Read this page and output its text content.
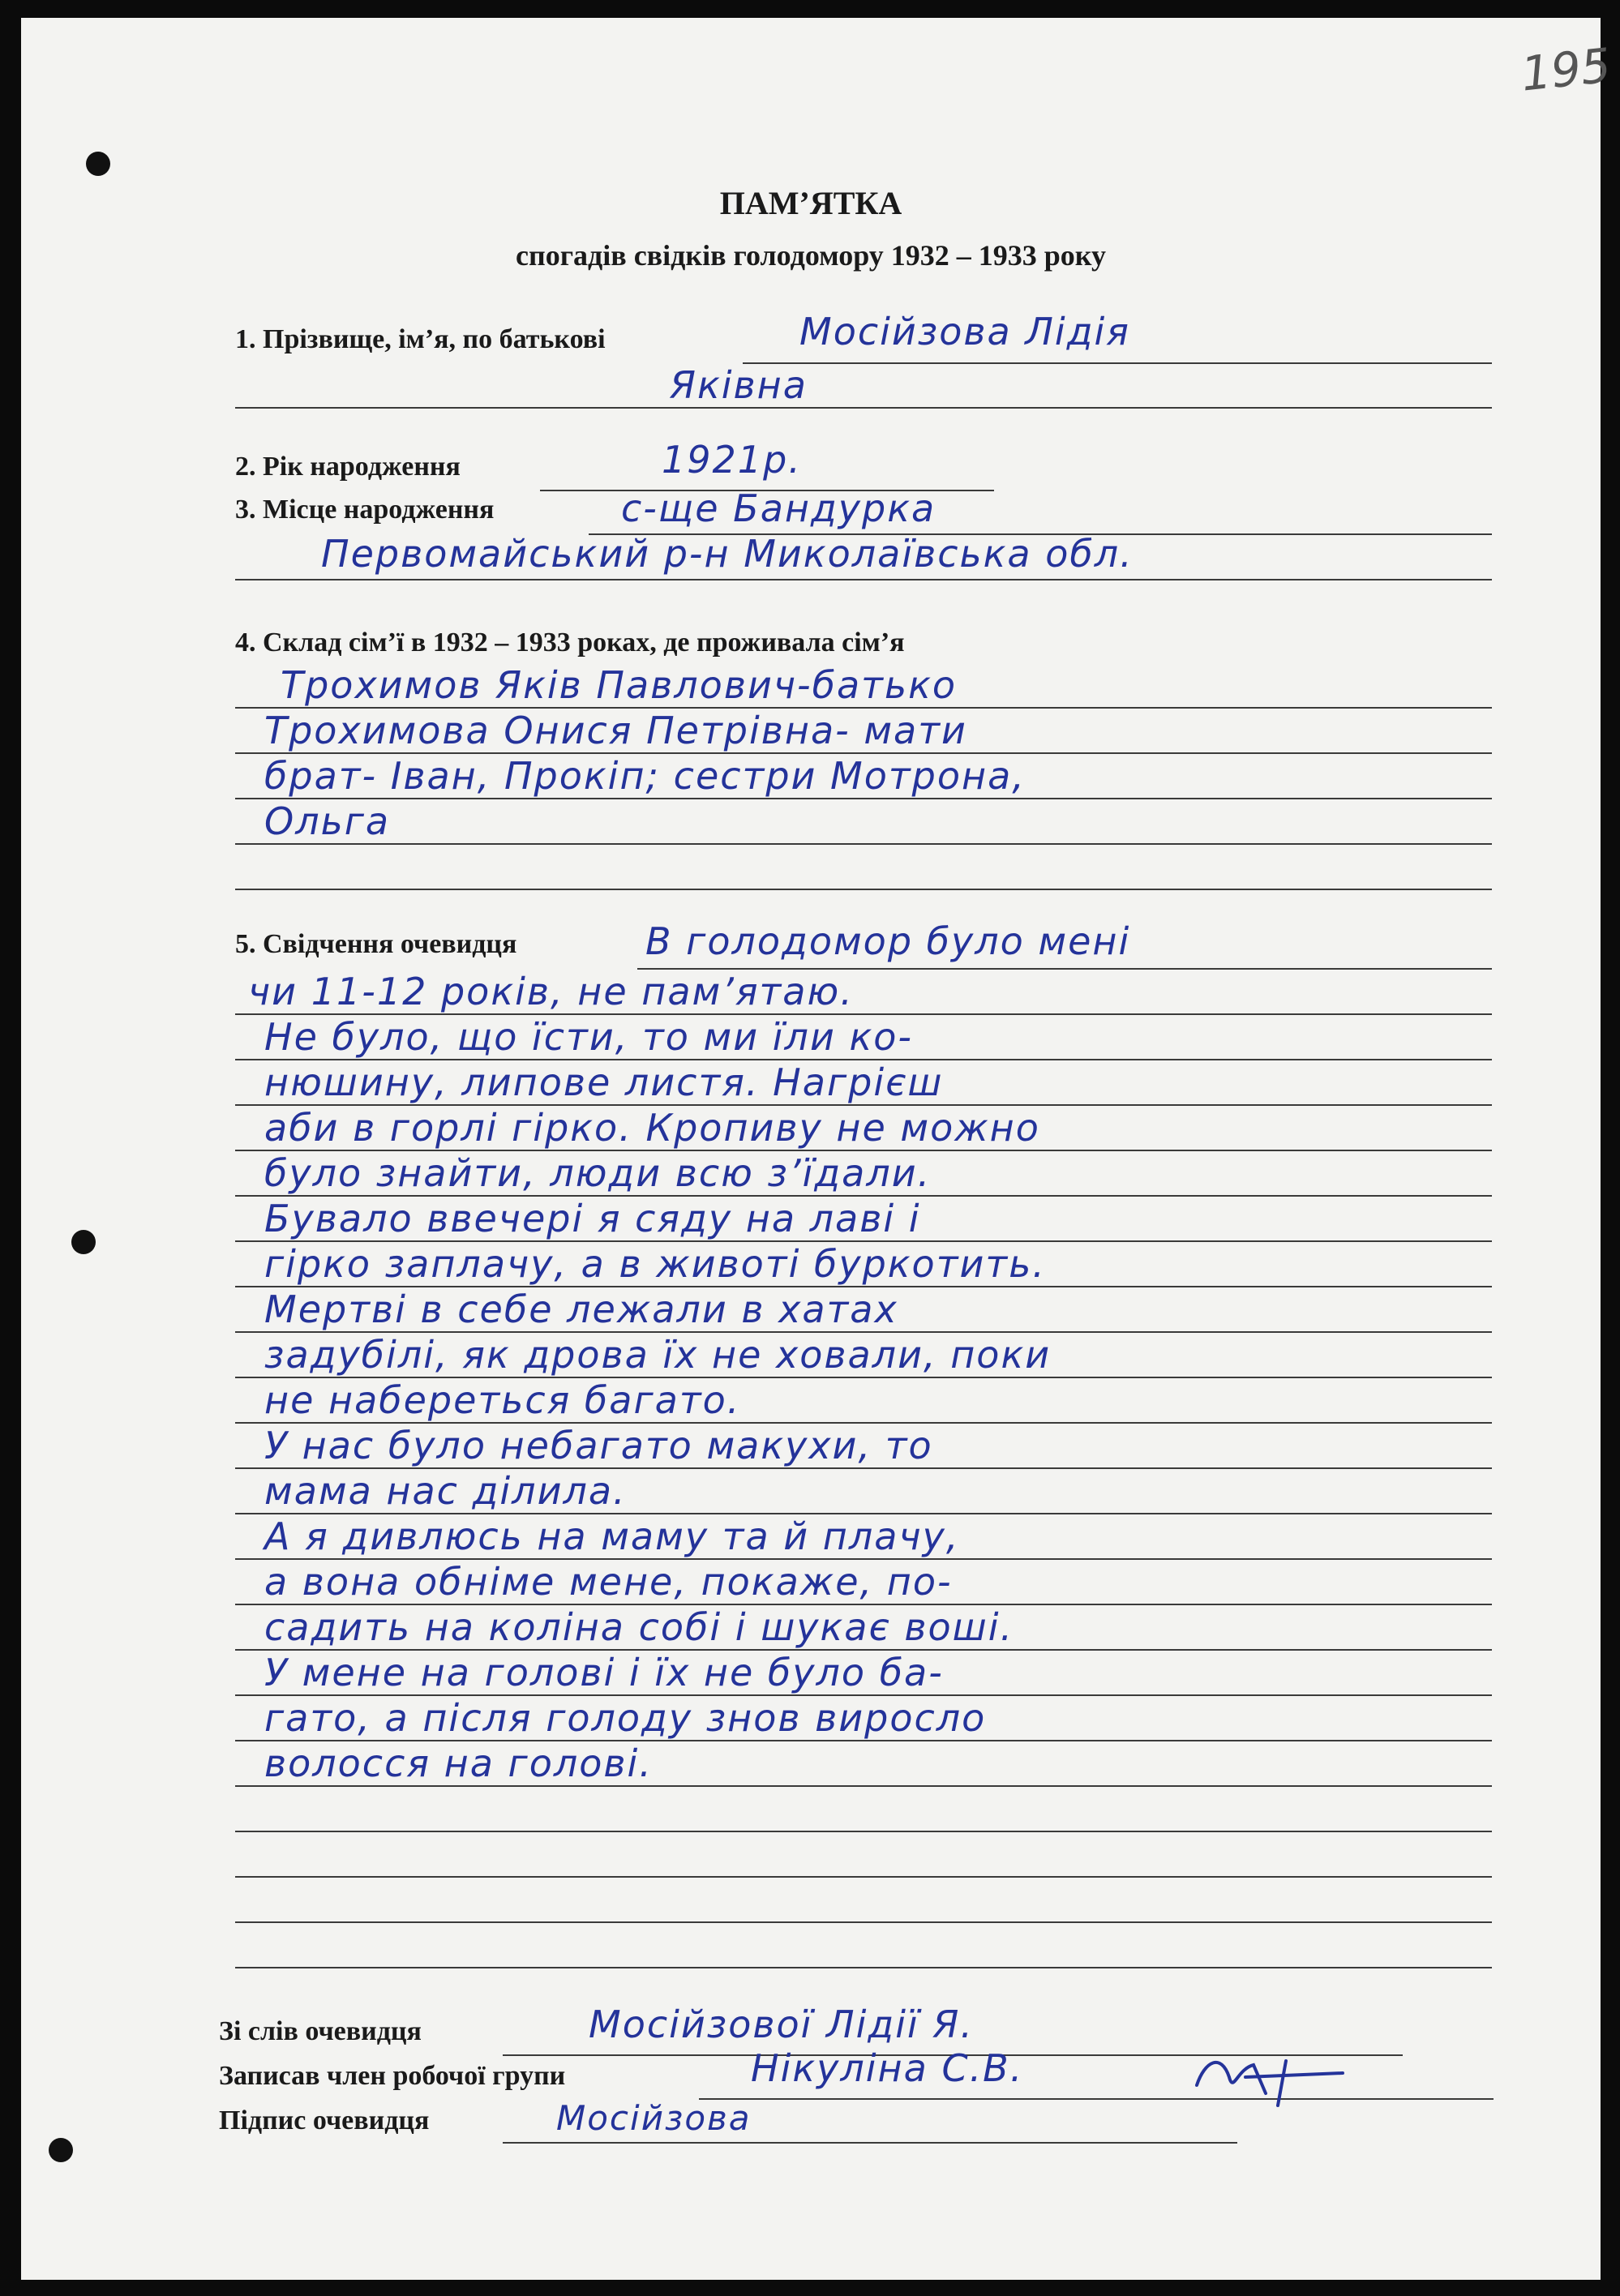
195
ПАМ’ЯТКА
спогадів свідків голодомору 1932 – 1933 року
1. Прізвище, ім’я, по батькові	Мосійзова Лідія
Яківна
2. Рік народження	1921р.
3. Місце народження	с-ще Бандурка
Первомайський р-н Миколаївська обл.
4. Склад сім’ї в 1932 – 1933 роках, де проживала сім’я
Трохимов Яків Павлович-батько
Трохимова Онися Петрівна- мати
брат- Іван, Прокіп; сестри Мотрона,
Ольга
5. Свідчення очевидця	В голодомор було мені
чи 11-12 років, не пам’ятаю.
Не було, що їсти, то ми їли ко-
нюшину, липове листя. Нагрієш
аби в горлі гірко. Кропиву не можно
було знайти, люди всю з’їдали.
Бувало ввечері я сяду на лаві і
гірко заплачу, а в животі буркотить.
Мертві в себе лежали в хатах
задубілі, як дрова їх не ховали, поки
не набереться багато.
У нас було небагато макухи, то
мама нас ділила.
А я дивлюсь на маму та й плачу,
а вона обніме мене, покаже, по-
садить на коліна собі і шукає воші.
У мене на голові і їх не було ба-
гато, а після голоду знов виросло
волосся на голові.
Зі слів очевидця	Мосійзової Лідії Я.
Записав член робочої групи	Нікуліна С.В.
Підпис очевидця	Мосійзова
